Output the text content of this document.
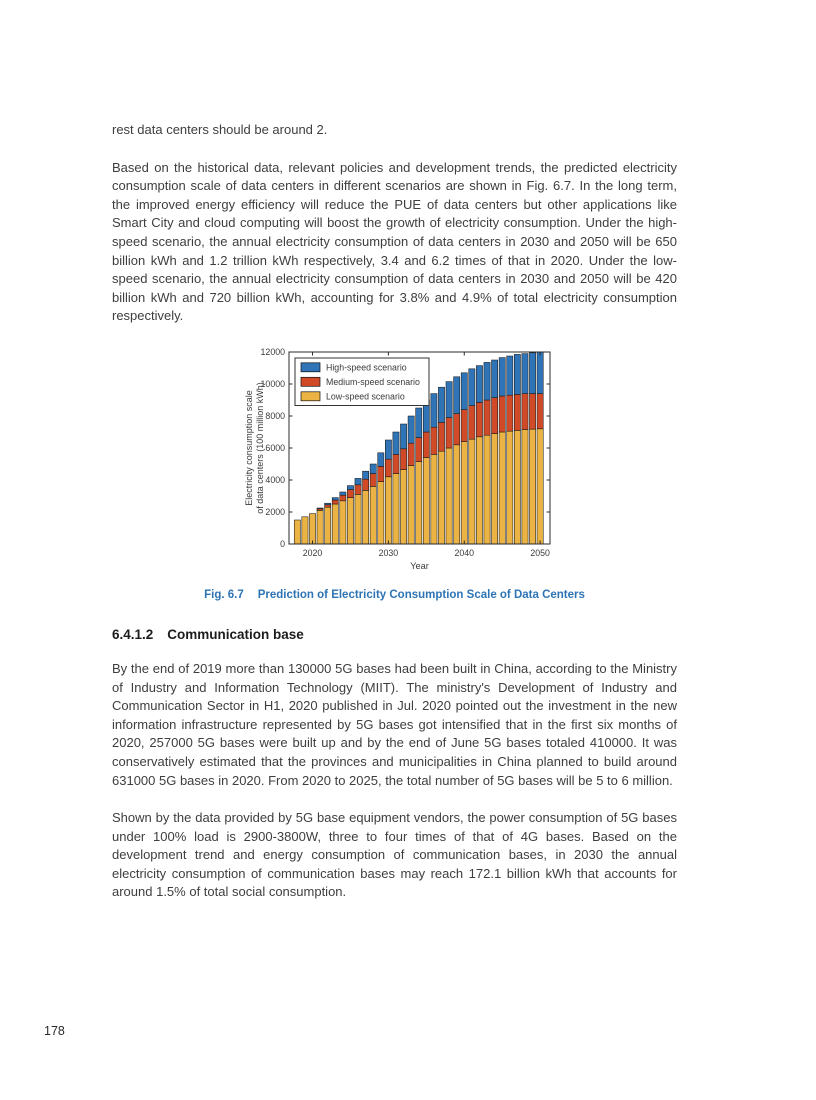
rest data centers should be around 2.

Based on the historical data, relevant policies and development trends, the predicted electricity consumption scale of data centers in different scenarios are shown in Fig. 6.7. In the long term, the improved energy efficiency will reduce the PUE of data centers but other applications like Smart City and cloud computing will boost the growth of electricity consumption. Under the high-speed scenario, the annual electricity consumption of data centers in 2030 and 2050 will be 650 billion kWh and 1.2 trillion kWh respectively, 3.4 and 6.2 times of that in 2020. Under the low-speed scenario, the annual electricity consumption of data centers in 2030 and 2050 will be 420 billion kWh and 720 billion kWh, accounting for 3.8% and 4.9% of total electricity consumption respectively.

2020	2030	2040	2050
Year
0
2000
4000
6000
8000
10000
12000
Electricity consumption scale of data centers (100 million kWh)
High-speed scenario
Medium-speed scenario
Low-speed scenario
Fig. 6.7 Prediction of Electricity Consumption Scale of Data Centers
6.4.1.2 Communication base

By the end of 2019 more than 130000 5G bases had been built in China, according to the Ministry of Industry and Information Technology (MIIT). The ministry's Development of Industry and Communication Sector in H1, 2020 published in Jul. 2020 pointed out the investment in the new information infrastructure represented by 5G bases got intensified that in the first six months of 2020, 257000 5G bases were built up and by the end of June 5G bases totaled 410000. It was conservatively estimated that the provinces and municipalities in China planned to build around 631000 5G bases in 2020. From 2020 to 2025, the total number of 5G bases will be 5 to 6 million.

Shown by the data provided by 5G base equipment vendors, the power consumption of 5G bases under 100% load is 2900-3800W, three to four times of that of 4G bases. Based on the development trend and energy consumption of communication bases, in 2030 the annual electricity consumption of communication bases may reach 172.1 billion kWh that accounts for around 1.5% of total social consumption.

178
